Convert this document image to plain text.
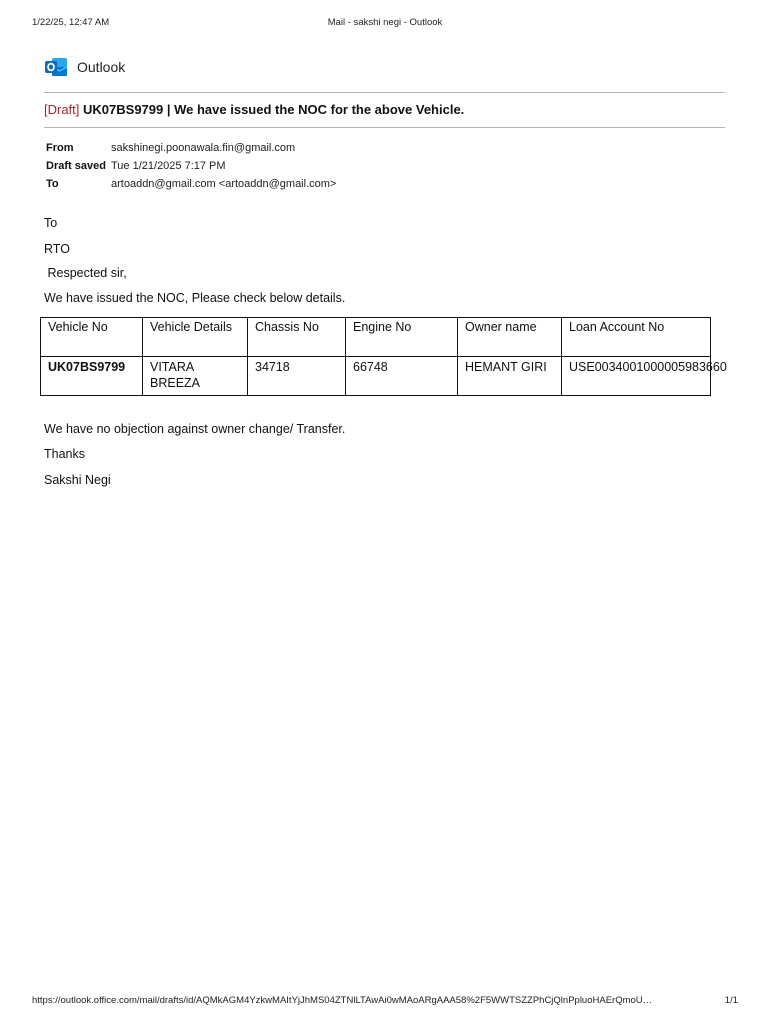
1/22/25, 12:47 AM	Mail - sakshi negi - Outlook
Outlook
[Draft] UK07BS9799 | We have issued the NOC for the above Vehicle.
From	sakshinegi.poonawala.fin@gmail.com
Draft saved Tue 1/21/2025 7:17 PM
To	artoaddn@gmail.com <artoaddn@gmail.com>
To
RTO
Respected sir,
We have issued the NOC, Please check below details.
Vehicle No	Vehicle Details	Chassis No	Engine No	Owner name	Loan Account No
UK07BS9799	VITARA BREEZA	34718	66748	HEMANT GIRI	USE0034001000005983660
We have no objection against owner change/ Transfer.
Thanks
Sakshi Negi
https://outlook.office.com/mail/drafts/id/AQMkAGM4YzkwMAItYjJhMS04ZTNlLTAwAi0wMAoARgAAA58%2F5WWTSZZPhCjQlnPpluoHAErQmoU…	1/1
